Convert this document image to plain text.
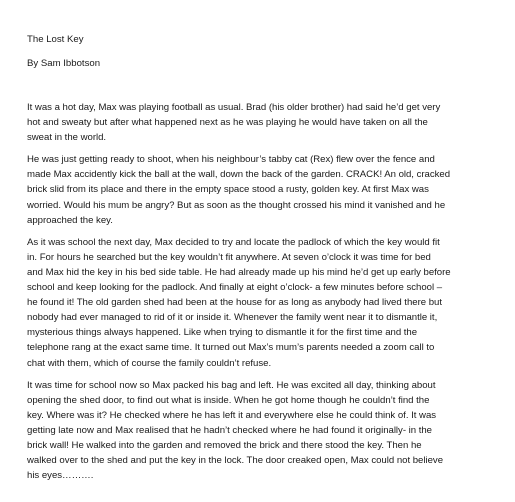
The Lost Key

By Sam Ibbotson

It was a hot day, Max was playing football as usual. Brad (his older brother) had said he’d get very
hot and sweaty but after what happened next as he was playing he would have taken on all the
sweat in the world.

He was just getting ready to shoot, when his neighbour’s tabby cat (Rex) flew over the fence and
made Max accidently kick the ball at the wall, down the back of the garden. CRACK! An old, cracked
brick slid from its place and there in the empty space stood a rusty, golden key. At first Max was
worried. Would his mum be angry? But as soon as the thought crossed his mind it vanished and he
approached the key.

As it was school the next day, Max decided to try and locate the padlock of which the key would fit
in. For hours he searched but the key wouldn’t fit anywhere. At seven o’clock it was time for bed
and Max hid the key in his bed side table. He had already made up his mind he’d get up early before
school and keep looking for the padlock. And finally at eight o’clock- a few minutes before school –
he found it! The old garden shed had been at the house for as long as anybody had lived there but
nobody had ever managed to rid of it or inside it. Whenever the family went near it to dismantle it,
mysterious things always happened. Like when trying to dismantle it for the first time and the
telephone rang at the exact same time. It turned out Max’s mum’s parents needed a zoom call to
chat with them, which of course the family couldn’t refuse.

It was time for school now so Max packed his bag and left. He was excited all day, thinking about
opening the shed door, to find out what is inside. When he got home though he couldn’t find the
key. Where was it? He checked where he has left it and everywhere else he could think of. It was
getting late now and Max realised that he hadn’t checked where he had found it originally- in the
brick wall! He walked into the garden and removed the brick and there stood the key. Then he
walked over to the shed and put the key in the lock. The door creaked open, Max could not believe
his eyes……….
